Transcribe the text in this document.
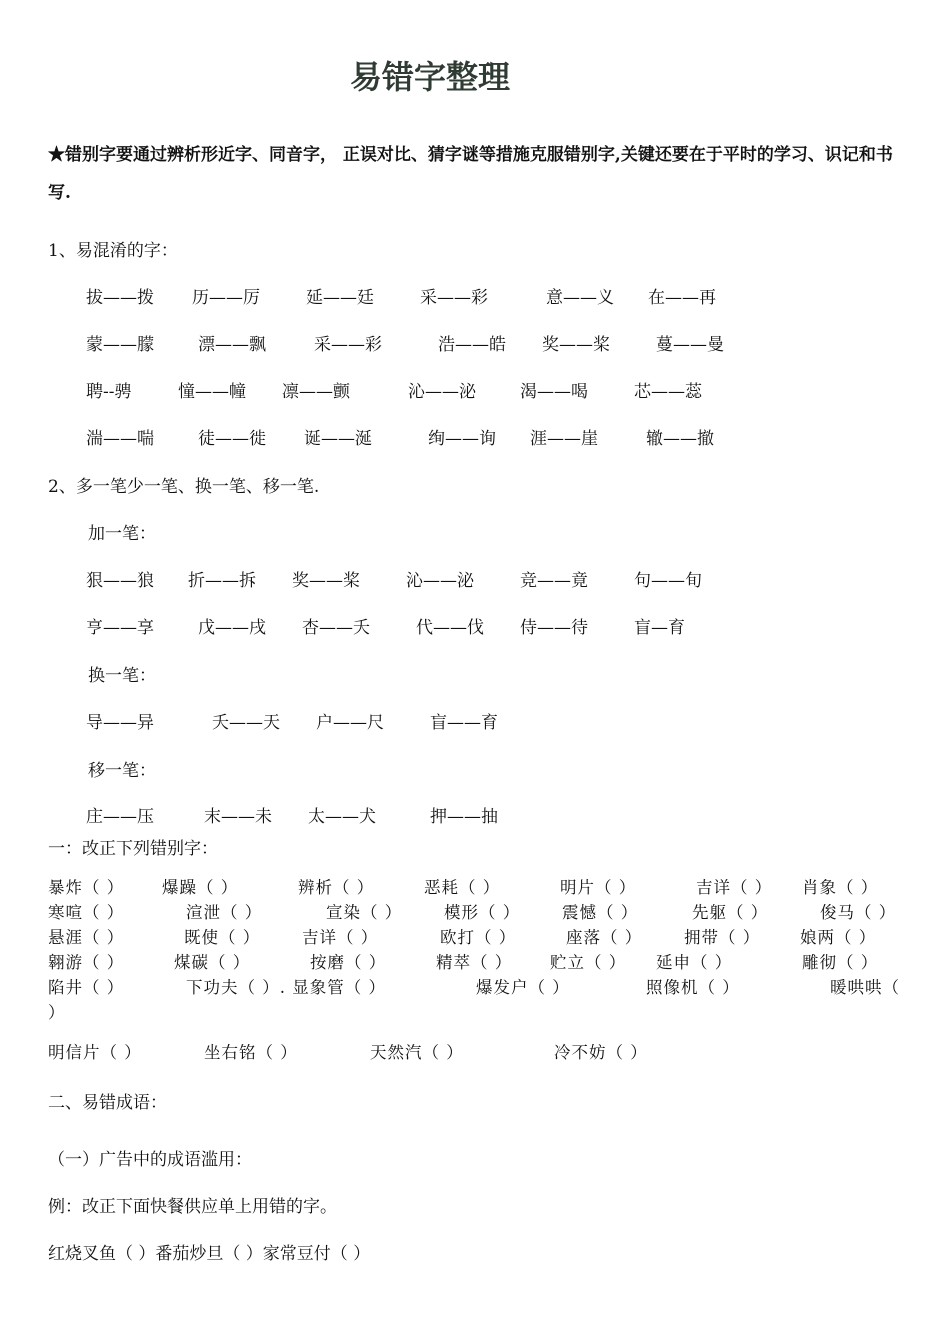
易错字整理
★错别字要通过辨析形近字、同音字， 正误对比、猜字谜等措施克服错别字,关键还要在于平时的学习、识记和书写.
1、易混淆的字：
拔——拨 历——厉	延——廷	采——彩	意——义 在——再
蒙——朦	漂——飘	采——彩	浩——皓 奖——桨	蔓——曼
聘--骋	憧——幢 凛——颤	沁——泌	渴——喝	芯——蕊
湍——喘	徒——徙 诞——涎	绚——询 涯——崖	辙——撤
2、多一笔少一笔、换一笔、移一笔.
加一笔：
狠——狼 折——拆 奖——桨	沁——泌	竞——竟	句——旬
亨——享	戊——戌 杏——夭	代——伐 侍——待	盲—育
换一笔：
导——异	夭——天 户——尺	盲——育
移一笔：
庄——压	末——未 太——犬	押——抽
一：改正下列错别字：
暴炸（ ） 爆躁（ ）	辨析（ ）	恶耗（ ）	明片（ ）	吉详（ ） 肖象（ ）
寒喧（ ）	渲泄（ ）	宣染（ ）	模形（ ）	震憾（ ）	先躯（ ）	俊马（ ）
悬涯（ ）	既使（ ）	吉详（ ）	欧打（ ）	座落（ ）	拥带（ ） 娘两（ ）
翱游（ ）	煤碳（ ）	按磨（ ）	精萃（ ） 贮立（ ） 延申（ ）	雕彻（ ）
陷井（ ）	下功夫（ ）. 显象管（ ）	爆发户（ ）	照像机（ ）	暖哄哄（
）
明信片（ ）	坐右铭（ ）	天然汽（ ）	冷不妨（ ）
二、易错成语：
（一）广告中的成语滥用：
例：改正下面快餐供应单上用错的字。
红烧叉鱼（ ）番茄炒旦（ ）家常豆付（ ）
